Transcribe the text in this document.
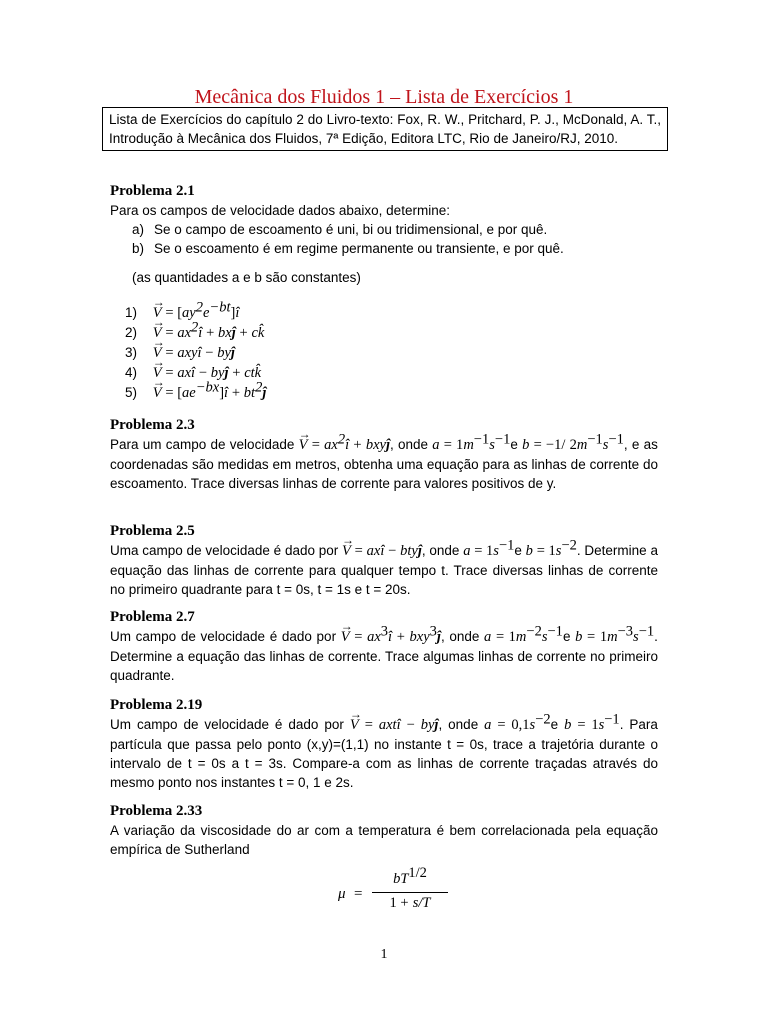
Mecânica dos Fluidos 1 – Lista de Exercícios 1
Lista de Exercícios do capítulo 2 do Livro-texto: Fox, R. W., Pritchard, P. J., McDonald, A. T., Introdução à Mecânica dos Fluidos, 7ª Edição, Editora LTC, Rio de Janeiro/RJ, 2010.
Problema 2.1
Para os campos de velocidade dados abaixo, determine:
a) Se o campo de escoamento é uni, bi ou tridimensional, e por quê.
b) Se o escoamento é em regime permanente ou transiente, e por quê.
(as quantidades a e b são constantes)
$1) \to V = [ay^2e^{-bt}]î$
$2) \to V = ax^2î$ + bxĵ + ck̂
3) → V = axyî − byĵ
4) → V = axî − byĵ + ctk̂
$5) \to V = [ae^{-bx}]î$ + $bt^2ĵ$
Problema 2.3
Para um campo de velocidade → $V = ax^2î$ + bxyĵ, onde $a = 1m^{-1}s^{-1}e$ b = −1/ $2m^{-1}s^{-1}$, e as coordenadas são medidas em metros, obtenha uma equação para as linhas de corrente do escoamento. Trace diversas linhas de corrente para valores positivos de y.
Problema 2.5
Uma campo de velocidade é dado por → V = axî − btyĵ, onde $a = 1s^{-1}e$ $b = 1s^{-2}$. Determine a equação das linhas de corrente para qualquer tempo t. Trace diversas linhas de corrente no primeiro quadrante para t = 0s, t = 1s e t = 20s.
Problema 2.7
Um campo de velocidade é dado por → $V = ax^3î$ + bxy$^3$ĵ, onde $a = 1m^{-2}s^{-1}e$ $b = 1m^{-3}s^{-1}$. Determine a equação das linhas de corrente. Trace algumas linhas de corrente no primeiro quadrante.
Problema 2.19
Um campo de velocidade é dado por → V = axtî − byĵ, onde $a = 0,1s^{-2}e$ $b = 1s^{-1}$. Para partícula que passa pelo ponto (x,y)=(1,1) no instante t = 0s, trace a trajetória durante o intervalo de t = 0s a t = 3s. Compare-a com as linhas de corrente traçadas através do mesmo ponto nos instantes t = 0, 1 e 2s.
Problema 2.33
A variação da viscosidade do ar com a temperatura é bem correlacionada pela equação empírica de Sutherland
μ =
$bT^{1/2}$
1 + s/T
1
